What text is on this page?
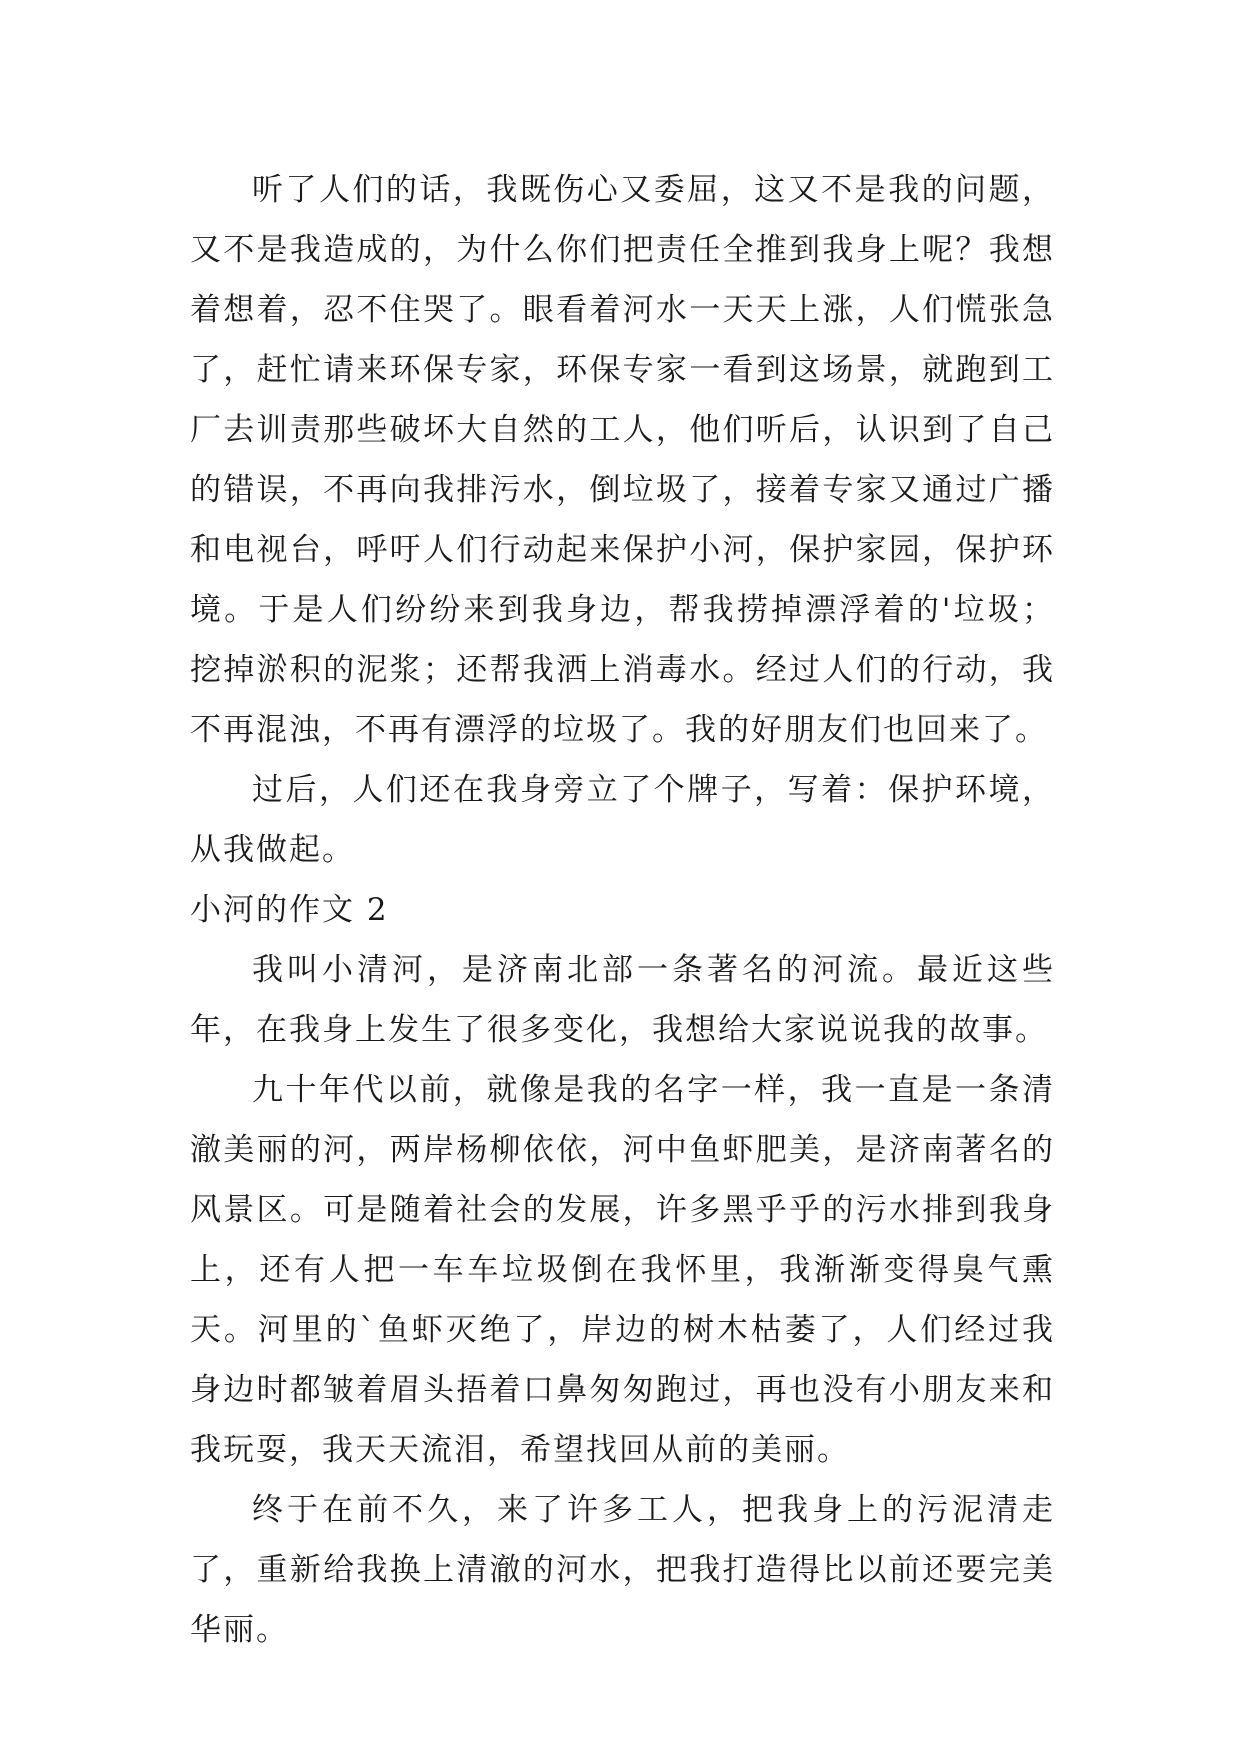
听了人们的话，我既伤心又委屈，这又不是我的问题，又不是我造成的，为什么你们把责任全推到我身上呢？我想着想着，忍不住哭了。眼看着河水一天天上涨，人们慌张急了，赶忙请来环保专家，环保专家一看到这场景，就跑到工厂去训责那些破坏大自然的工人，他们听后，认识到了自己的错误，不再向我排污水，倒垃圾了，接着专家又通过广播和电视台，呼吁人们行动起来保护小河，保护家园，保护环境。于是人们纷纷来到我身边，帮我捞掉漂浮着的'垃圾；挖掉淤积的泥浆；还帮我洒上消毒水。经过人们的行动，我不再混浊，不再有漂浮的垃圾了。我的好朋友们也回来了。

过后，人们还在我身旁立了个牌子，写着：保护环境，从我做起。

小河的作文 2

我叫小清河，是济南北部一条著名的河流。最近这些年，在我身上发生了很多变化，我想给大家说说我的故事。

九十年代以前，就像是我的名字一样，我一直是一条清澈美丽的河，两岸杨柳依依，河中鱼虾肥美，是济南著名的风景区。可是随着社会的发展，许多黑乎乎的污水排到我身上，还有人把一车车垃圾倒在我怀里，我渐渐变得臭气熏天。河里的`鱼虾灭绝了，岸边的树木枯萎了，人们经过我身边时都皱着眉头捂着口鼻匆匆跑过，再也没有小朋友来和我玩耍，我天天流泪，希望找回从前的美丽。

终于在前不久，来了许多工人，把我身上的污泥清走了，重新给我换上清澈的河水，把我打造得比以前还要完美华丽。
